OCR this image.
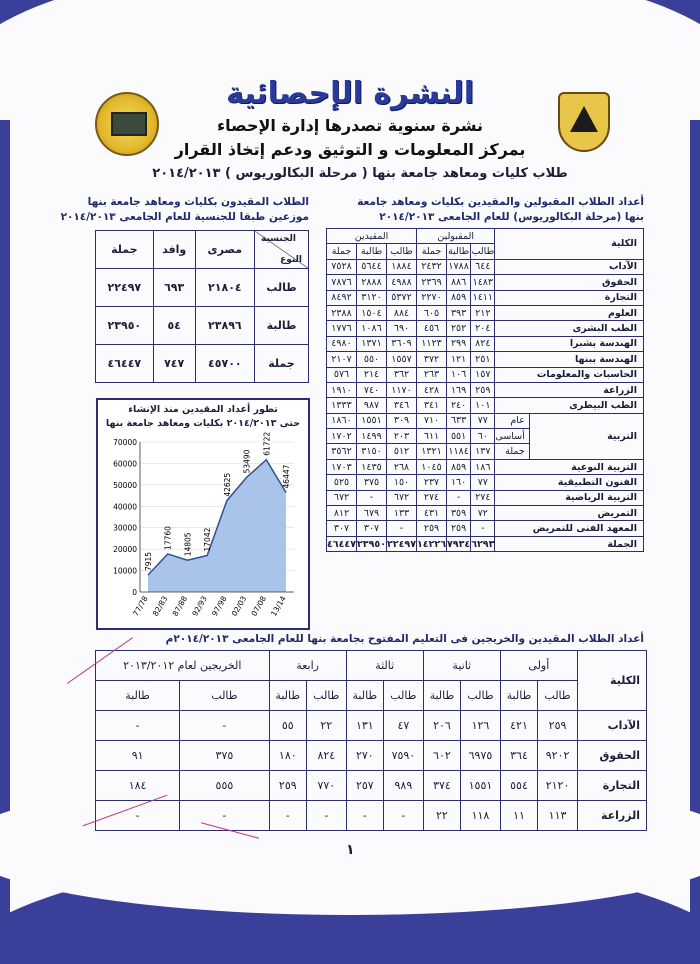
النشرة الإحصائية
نشرة سنوية تصدرها إدارة الإحصاء
بمركز المعلومات و التوثيق ودعم إتخاذ القرار
طلاب كليات ومعاهد جامعة بنها ( مرحلة البكالوريوس ) ٢٠١٤/٢٠١٣
أعداد الطلاب المقبولين والمقيدين بكليات ومعاهد جامعة
بنها (مرحلة البكالوريوس) للعام الجامعى ٢٠١٤/٢٠١٣
الطلاب المقيدون بكليات ومعاهد جامعة بنها
موزعين طبقا للجنسية للعام الجامعى ٢٠١٤/٢٠١٣
أعداد الطلاب المقيدين والخريجين فى التعليم المفتوح بجامعة بنها للعام الجامعى ٢٠١٤/٢٠١٣م
الكلية		المقبولين			المقيدين		
		طالب	طالبة	جملة	طالب	طالبة	جملة
الآداب		٦٤٤	١٧٨٨	٢٤٣٢	١٨٨٤	٥٦٤٤	٧٥٢٨
الحقوق		١٤٨٣	٨٨٦	٢٣٦٩	٤٩٨٨	٢٨٨٨	٧٨٧٦
التجارة		١٤١١	٨٥٩	٢٢٧٠	٥٣٧٢	٣١٢٠	٨٤٩٢
العلوم		٢١٢	٣٩٣	٦٠٥	٨٨٤	١٥٠٤	٢٣٨٨
الطب البشرى		٢٠٤	٢٥٢	٤٥٦	٦٩٠	١٠٨٦	١٧٧٦
الهندسة بشبرا		٨٢٤	٢٩٩	١١٢٣	٣٦٠٩	١٣٧١	٤٩٨٠
الهندسة ببنها		٢٥١	١٢١	٣٧٢	١٥٥٧	٥٥٠	٢١٠٧
الحاسبات والمعلومات		١٥٧	١٠٦	٢٦٣	٣٦٢	٢١٤	٥٧٦
الزراعة		٢٥٩	١٦٩	٤٢٨	١١٧٠	٧٤٠	١٩١٠
الطب البيطرى		١٠١	٢٤٠	٣٤١	٣٤٦	٩٨٧	١٣٣٣
التربية	عام	٧٧	٦٣٣	٧١٠	٣٠٩	١٥٥١	١٨٦٠
	أساسى	٦٠	٥٥١	٦١١	٢٠٣	١٤٩٩	١٧٠٢
	جملة	١٣٧	١١٨٤	١٣٢١	٥١٢	٣١٥٠	٣٥٦٢
التربية النوعية		١٨٦	٨٥٩	١٠٤٥	٢٦٨	١٤٣٥	١٧٠٣
الفنون التطبيقية		٧٧	١٦٠	٢٣٧	١٥٠	٣٧٥	٥٢٥
التربية الرياضية		٢٧٤	-	٢٧٤	٦٧٢	-	٦٧٢
التمريض		٧٢	٣٥٩	٤٣١	١٣٣	٦٧٩	٨١٢
المعهد الفنى للتمريض		-	٢٥٩	٢٥٩	-	٣٠٧	٣٠٧
الجملة		٦٢٩٣	٧٩٣٤	١٤٢٢٦	٢٢٤٩٧	٢٣٩٥٠	٤٦٤٤٧
الجنسية
النوع	مصرى	وافد	جملة
طالب	٢١٨٠٤	٦٩٣	٢٢٤٩٧
طالبة	٢٣٨٩٦	٥٤	٢٣٩٥٠
جملة	٤٥٧٠٠	٧٤٧	٤٦٤٤٧
تطور أعداد المقيدين منذ الإنشاء
حتى ٢٠١٤/٢٠١٣ بكليات ومعاهد جامعة بنها
0
10000
20000
30000
40000
50000
60000
70000
7915
17760 14805 17042
42625
53490
61722
46447
77/78 82/83 87/88 92/93 97/98 02/03 07/08 13/14
الكلية	أولى		ثانية		ثالثة		رابعة		الخريجين لعام ٢٠١٣/٢٠١٢	
	طالب	طالبة	طالب	طالبة	طالب	طالبة	طالب	طالبة	طالب	طالبة
الآداب	٢٥٩	٤٢١	١٢٦	٢٠٦	٤٧	١٣١	٢٢	٥٥	-	-
الحقوق	٩٢٠٢	٣٦٤	٦٩٧٥	٦٠٢	٧٥٩٠	٢٧٠	٨٢٤	١٨٠	٣٧٥	٩١
التجارة	٢١٢٠	٥٥٤	١٥٥١	٣٧٤	٩٨٩	٢٥٧	٧٧٠	٢٥٩	٥٥٥	١٨٤
الزراعة	١١٣	١١	١١٨	٢٢	-	-	-	-	-	-
١
